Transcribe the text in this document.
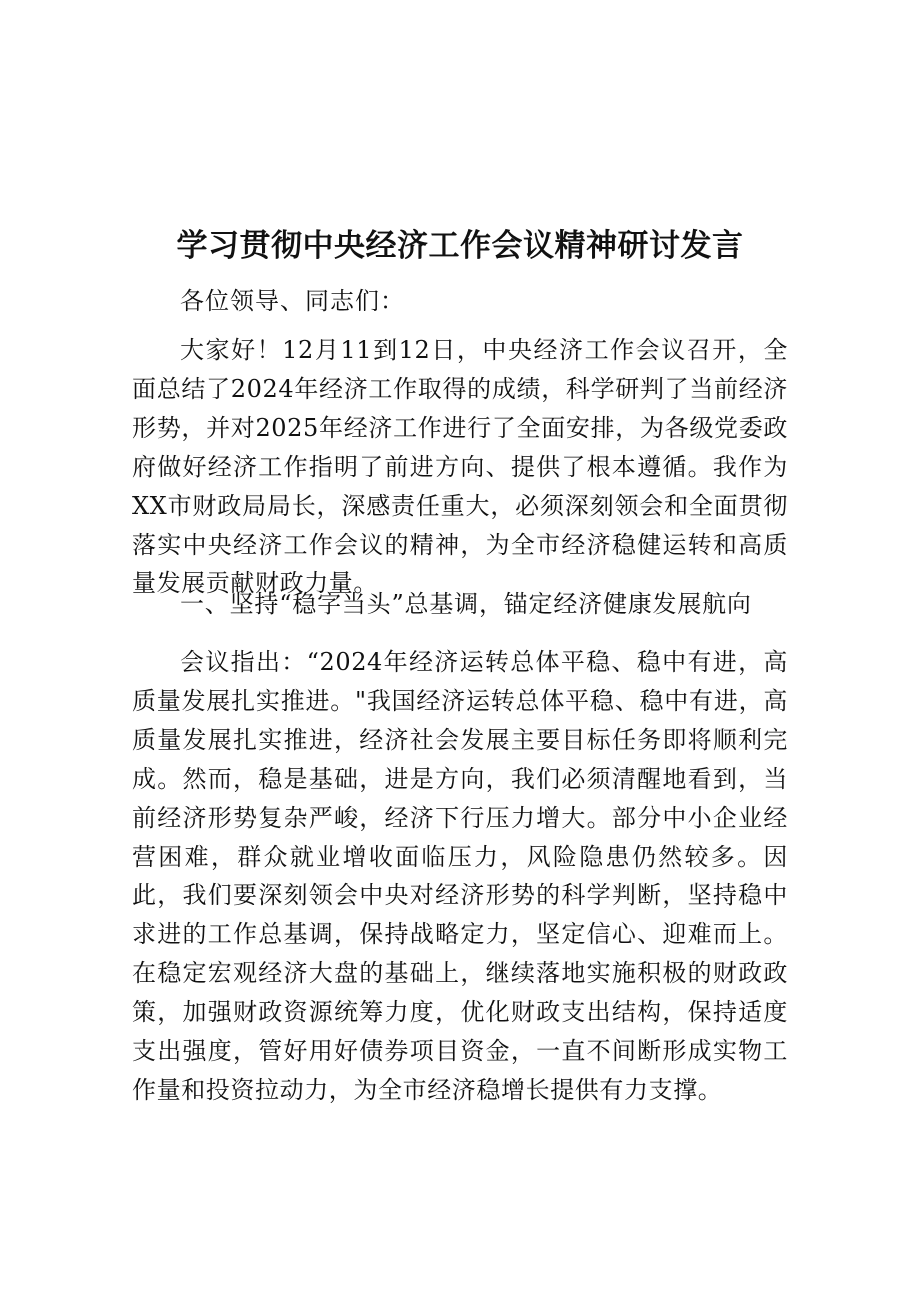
学习贯彻中央经济工作会议精神研讨发言

各位领导、同志们：

大家好！12月11到12日，中央经济工作会议召开，全面总结了2024年经济工作取得的成绩，科学研判了当前经济形势，并对2025年经济工作进行了全面安排，为各级党委政府做好经济工作指明了前进方向、提供了根本遵循。我作为XX市财政局局长，深感责任重大，必须深刻领会和全面贯彻落实中央经济工作会议的精神，为全市经济稳健运转和高质量发展贡献财政力量。

一、坚持“稳字当头”总基调，锚定经济健康发展航向

会议指出：“2024年经济运转总体平稳、稳中有进，高质量发展扎实推进。"我国经济运转总体平稳、稳中有进，高质量发展扎实推进，经济社会发展主要目标任务即将顺利完成。然而，稳是基础，进是方向，我们必须清醒地看到，当前经济形势复杂严峻，经济下行压力增大。部分中小企业经营困难，群众就业增收面临压力，风险隐患仍然较多。因此，我们要深刻领会中央对经济形势的科学判断，坚持稳中求进的工作总基调，保持战略定力，坚定信心、迎难而上。在稳定宏观经济大盘的基础上，继续落地实施积极的财政政策，加强财政资源统筹力度，优化财政支出结构，保持适度支出强度，管好用好债券项目资金，一直不间断形成实物工作量和投资拉动力，为全市经济稳增长提供有力支撑。
